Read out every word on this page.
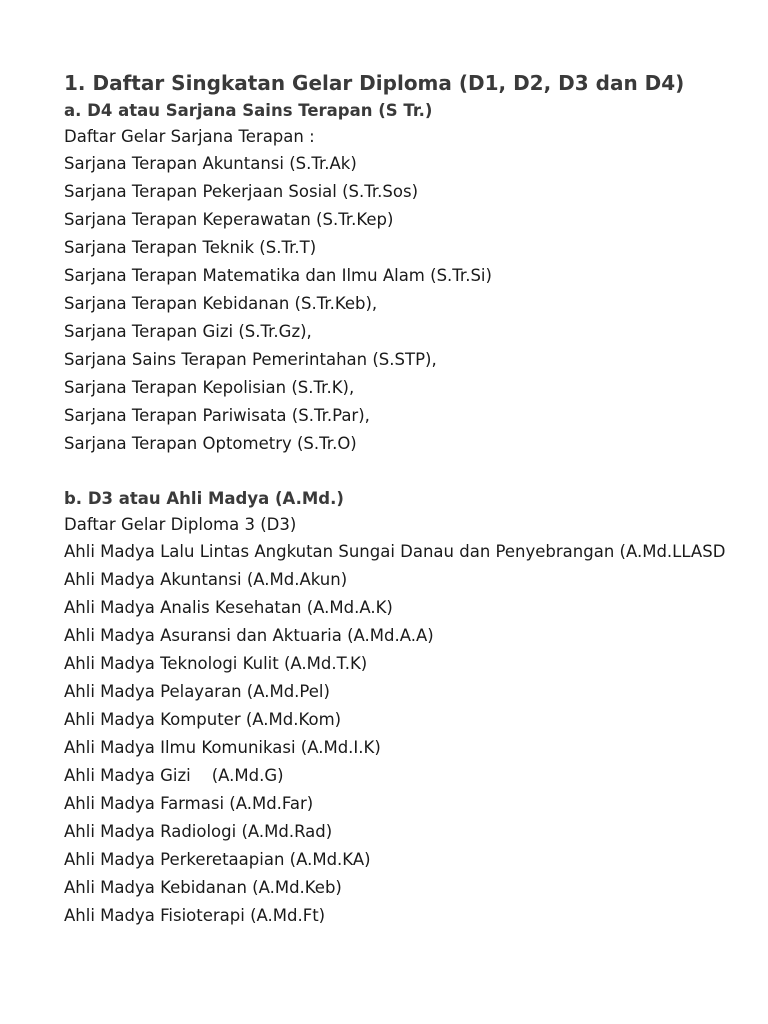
1. Daftar Singkatan Gelar Diploma (D1, D2, D3 dan D4)
a. D4 atau Sarjana Sains Terapan (S Tr.)

Daftar Gelar Sarjana Terapan :

Sarjana Terapan Akuntansi (S.Tr.Ak)
Sarjana Terapan Pekerjaan Sosial (S.Tr.Sos)
Sarjana Terapan Keperawatan (S.Tr.Kep)
Sarjana Terapan Teknik (S.Tr.T)
Sarjana Terapan Matematika dan Ilmu Alam (S.Tr.Si)
Sarjana Terapan Kebidanan (S.Tr.Keb),
Sarjana Terapan Gizi (S.Tr.Gz),
Sarjana Sains Terapan Pemerintahan (S.STP),
Sarjana Terapan Kepolisian (S.Tr.K),
Sarjana Terapan Pariwisata (S.Tr.Par),
Sarjana Terapan Optometry (S.Tr.O)
b. D3 atau Ahli Madya (A.Md.)

Daftar Gelar Diploma 3 (D3)

Ahli Madya Lalu Lintas Angkutan Sungai Danau dan Penyebrangan (A.Md.LLASD
Ahli Madya Akuntansi (A.Md.Akun)
Ahli Madya Analis Kesehatan (A.Md.A.K)
Ahli Madya Asuransi dan Aktuaria (A.Md.A.A)
Ahli Madya Teknologi Kulit (A.Md.T.K)
Ahli Madya Pelayaran (A.Md.Pel)
Ahli Madya Komputer (A.Md.Kom)
Ahli Madya Ilmu Komunikasi (A.Md.I.K)
Ahli Madya Gizi    (A.Md.G)
Ahli Madya Farmasi (A.Md.Far)
Ahli Madya Radiologi (A.Md.Rad)
Ahli Madya Perkeretaapian (A.Md.KA)
Ahli Madya Kebidanan (A.Md.Keb)
Ahli Madya Fisioterapi (A.Md.Ft)
